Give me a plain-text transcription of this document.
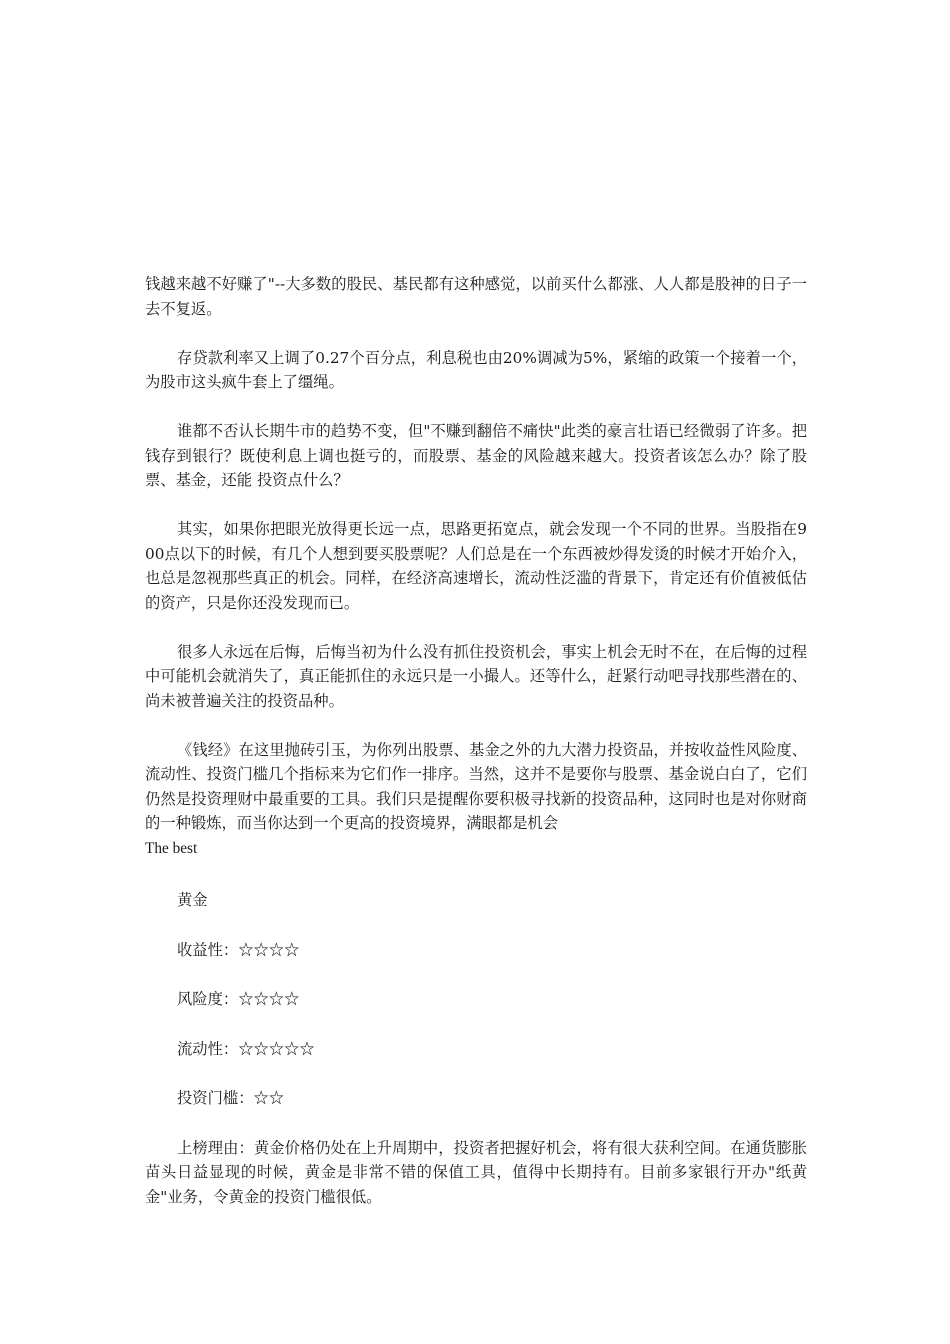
钱越来越不好赚了"--大多数的股民、基民都有这种感觉，以前买什么都涨、人人都是股神的日子一去不复返。

存贷款利率又上调了0.27个百分点，利息税也由20%调减为5%，紧缩的政策一个接着一个，为股市这头疯牛套上了缰绳。

谁都不否认长期牛市的趋势不变，但"不赚到翻倍不痛快"此类的豪言壮语已经微弱了许多。把钱存到银行？既使利息上调也挺亏的，而股票、基金的风险越来越大。投资者该怎么办？除了股票、基金，还能 投资点什么？

其实，如果你把眼光放得更长远一点，思路更拓宽点，就会发现一个不同的世界。当股指在900点以下的时候，有几个人想到要买股票呢？人们总是在一个东西被炒得发烫的时候才开始介入，也总是忽视那些真正的机会。同样，在经济高速增长，流动性泛滥的背景下，肯定还有价值被低估的资产，只是你还没发现而已。

很多人永远在后悔，后悔当初为什么没有抓住投资机会，事实上机会无时不在，在后悔的过程中可能机会就消失了，真正能抓住的永远只是一小撮人。还等什么，赶紧行动吧寻找那些潜在的、尚未被普遍关注的投资品种。

《钱经》在这里抛砖引玉，为你列出股票、基金之外的九大潜力投资品，并按收益性风险度、流动性、投资门槛几个指标来为它们作一排序。当然，这并不是要你与股票、基金说白白了，它们仍然是投资理财中最重要的工具。我们只是提醒你要积极寻找新的投资品种，这同时也是对你财商的一种锻炼，而当你达到一个更高的投资境界，满眼都是机会
The best

黄金

收益性：☆☆☆☆

风险度：☆☆☆☆

流动性：☆☆☆☆☆

投资门槛：☆☆

上榜理由：黄金价格仍处在上升周期中，投资者把握好机会，将有很大获利空间。在通货膨胀苗头日益显现的时候，黄金是非常不错的保值工具，值得中长期持有。目前多家银行开办"纸黄金"业务，令黄金的投资门槛很低。
